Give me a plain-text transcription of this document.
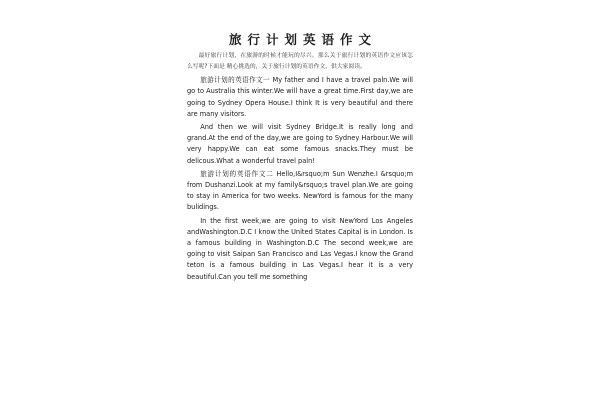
旅行计划英语作文

最好旅行计划，在旅游的时候才能玩的尽兴。那么关于旅行计划的英语作文应该怎么写呢?下面是 精心挑选的，关于旅行计划的英语作文，供大家阅读。

旅游计划的英语作文一 My father and I have a travel paln.We will go to Australia this winter.We will have a great time.First day,we are going to Sydney Opera House.I think It is very beautiful and there are many visitors.

And then we will visit Sydney Bridge.It is really long and grand.At the end of the day,we are going to Sydney Harbour.We will very happy.We can eat some famous snacks.They must be delicous.What a wonderful travel paln!

旅游计划的英语作文二 Hello,I&rsquo;m Sun Wenzhe.I &rsquo;m from Dushanzi.Look at my family&rsquo;s travel plan.We are going to stay in America for two weeks. NewYord is famous for the many bulidings.

In the first week,we are going to visit NewYord Los Angeles andWashington.D.C I know the United States Capital is in London. Is a famous building in Washington.D.C The second week,we are going to visit Saipan San Francisco and Las Vegas.I know the Grand teton is a famous building in Las Vegas.I hear it is a very beautiful.Can you tell me something
